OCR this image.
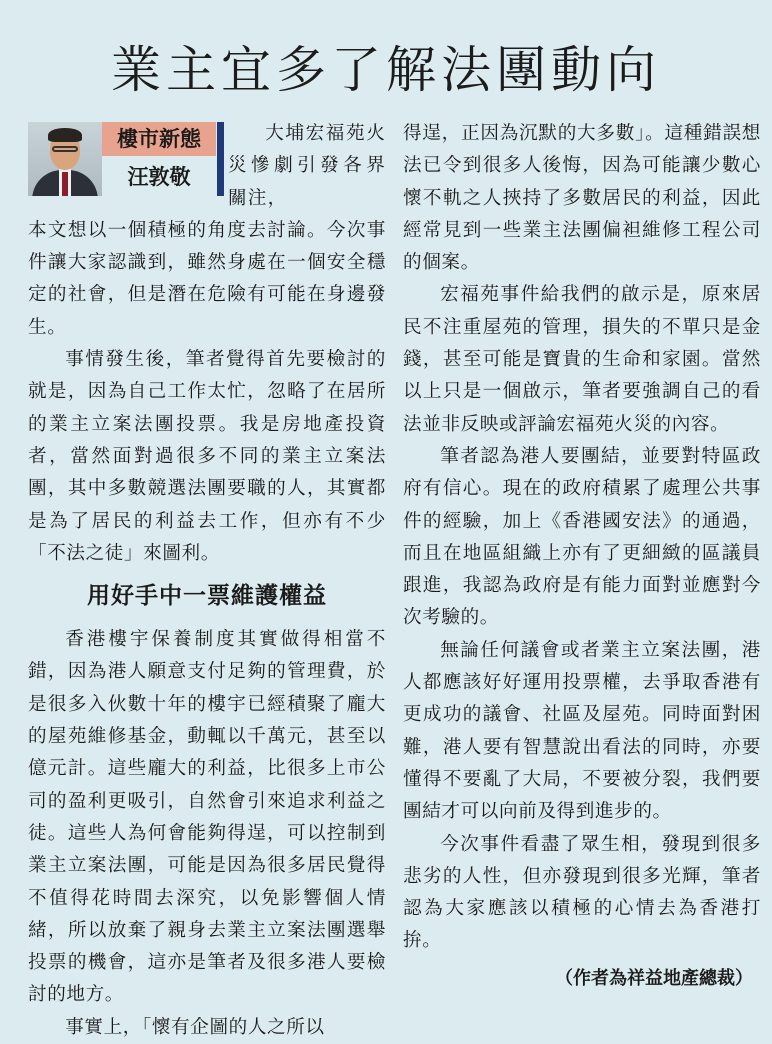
業主宜多了解法團動向
樓市新態
汪敦敬

大埔宏福苑火災慘劇引發各界關注，

本文想以一個積極的角度去討論。今次事件讓大家認識到，雖然身處在一個安全穩定的社會，但是潛在危險有可能在身邊發生。

事情發生後，筆者覺得首先要檢討的就是，因為自己工作太忙，忽略了在居所的業主立案法團投票。我是房地產投資者，當然面對過很多不同的業主立案法團，其中多數競選法團要職的人，其實都是為了居民的利益去工作，但亦有不少「不法之徒」來圖利。

用好手中一票維護權益

香港樓宇保養制度其實做得相當不錯，因為港人願意支付足夠的管理費，於是很多入伙數十年的樓宇已經積聚了龐大的屋苑維修基金，動輒以千萬元，甚至以億元計。這些龐大的利益，比很多上市公司的盈利更吸引，自然會引來追求利益之徒。這些人為何會能夠得逞，可以控制到業主立案法團，可能是因為很多居民覺得不值得花時間去深究，以免影響個人情緒，所以放棄了親身去業主立案法團選舉投票的機會，這亦是筆者及很多港人要檢討的地方。

事實上，「懷有企圖的人之所以

得逞，正因為沉默的大多數」。這種錯誤想法已令到很多人後悔，因為可能讓少數心懷不軌之人挾持了多數居民的利益，因此經常見到一些業主法團偏袒維修工程公司的個案。

宏福苑事件給我們的啟示是，原來居民不注重屋苑的管理，損失的不單只是金錢，甚至可能是寶貴的生命和家園。當然以上只是一個啟示，筆者要強調自己的看法並非反映或評論宏福苑火災的內容。

筆者認為港人要團結，並要對特區政府有信心。現在的政府積累了處理公共事件的經驗，加上《香港國安法》的通過，而且在地區組織上亦有了更細緻的區議員跟進，我認為政府是有能力面對並應對今次考驗的。

無論任何議會或者業主立案法團，港人都應該好好運用投票權，去爭取香港有更成功的議會、社區及屋苑。同時面對困難，港人要有智慧說出看法的同時，亦要懂得不要亂了大局，不要被分裂，我們要團結才可以向前及得到進步的。

今次事件看盡了眾生相，發現到很多悲劣的人性，但亦發現到很多光輝，筆者認為大家應該以積極的心情去為香港打拚。

（作者為祥益地產總裁）
